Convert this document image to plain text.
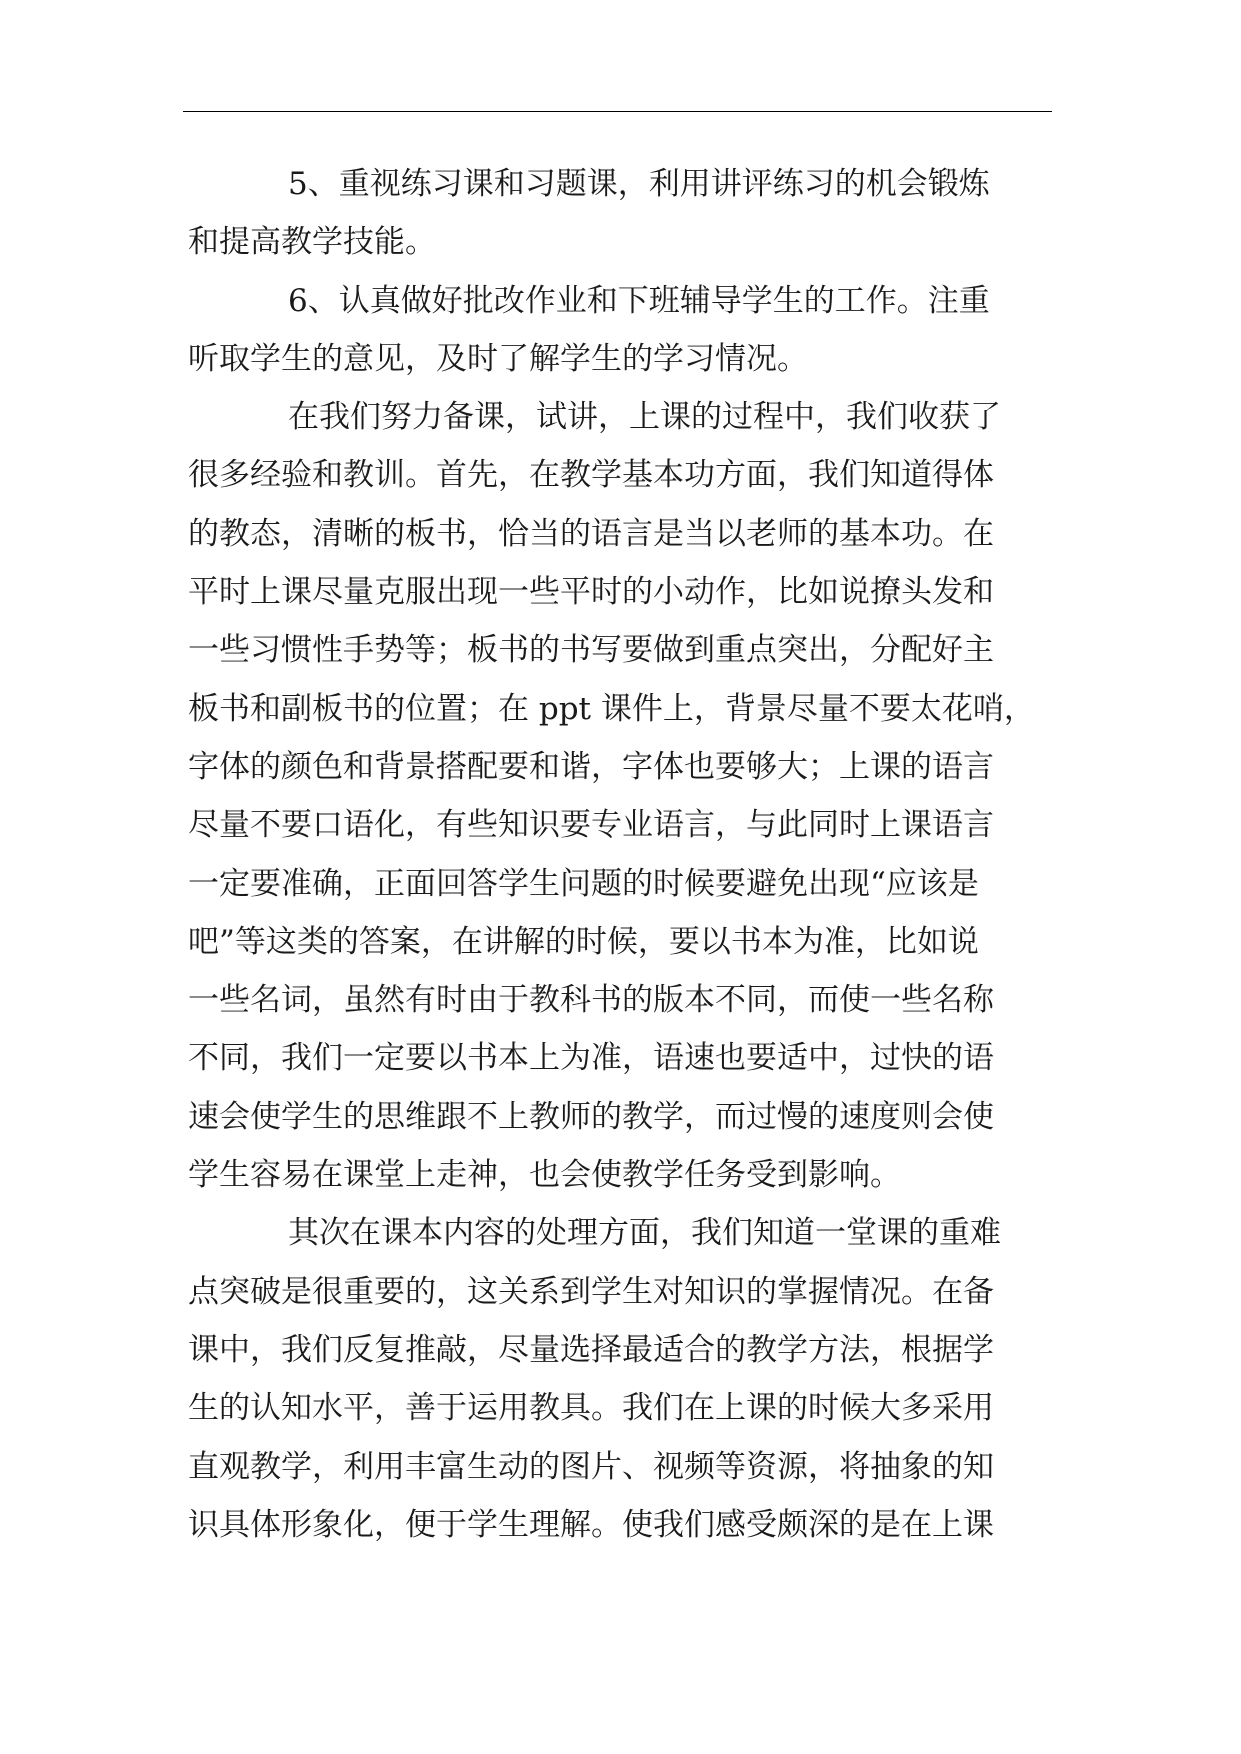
5、重视练习课和习题课，利用讲评练习的机会锻炼
和提高教学技能。
6、认真做好批改作业和下班辅导学生的工作。注重
听取学生的意见，及时了解学生的学习情况。
在我们努力备课，试讲，上课的过程中，我们收获了
很多经验和教训。首先，在教学基本功方面，我们知道得体
的教态，清晰的板书，恰当的语言是当以老师的基本功。在
平时上课尽量克服出现一些平时的小动作，比如说撩头发和
一些习惯性手势等；板书的书写要做到重点突出，分配好主
板书和副板书的位置；在 ppt 课件上，背景尽量不要太花哨，
字体的颜色和背景搭配要和谐，字体也要够大；上课的语言
尽量不要口语化，有些知识要专业语言，与此同时上课语言
一定要准确，正面回答学生问题的时候要避免出现“应该是
吧”等这类的答案，在讲解的时候，要以书本为准，比如说
一些名词，虽然有时由于教科书的版本不同，而使一些名称
不同，我们一定要以书本上为准，语速也要适中，过快的语
速会使学生的思维跟不上教师的教学，而过慢的速度则会使
学生容易在课堂上走神，也会使教学任务受到影响。
其次在课本内容的处理方面，我们知道一堂课的重难
点突破是很重要的，这关系到学生对知识的掌握情况。在备
课中，我们反复推敲，尽量选择最适合的教学方法，根据学
生的认知水平，善于运用教具。我们在上课的时候大多采用
直观教学，利用丰富生动的图片、视频等资源，将抽象的知
识具体形象化，便于学生理解。使我们感受颇深的是在上课
